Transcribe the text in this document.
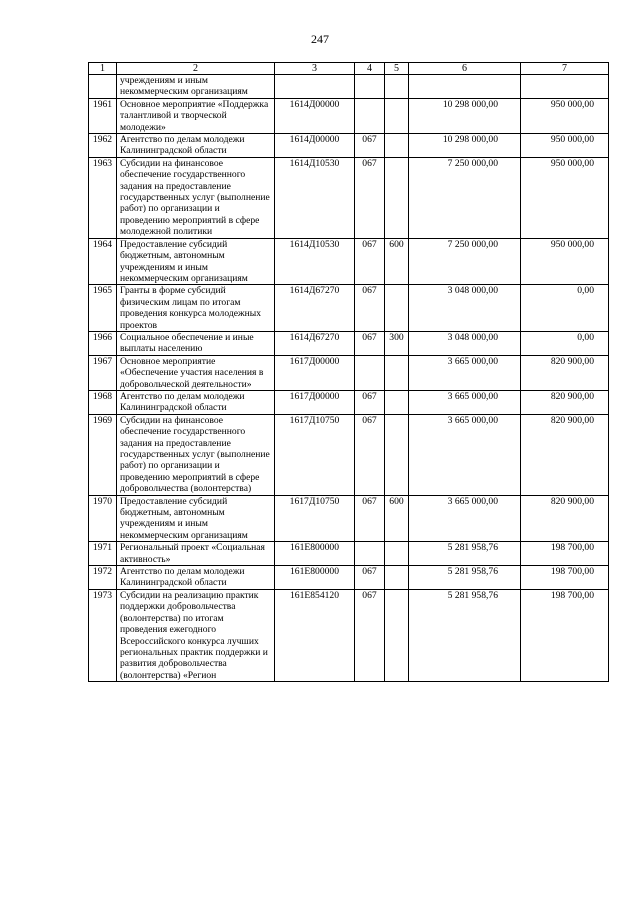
247
1	2	3	4	5	6	7
	учреждениям и иным некоммерческим организациям					
1961	Основное мероприятие «Поддержка талантливой и творческой молодежи»	1614Д00000			10 298 000,00	950 000,00
1962	Агентство по делам молодежи Калининградской области	1614Д00000	067		10 298 000,00	950 000,00
1963	Субсидии на финансовое обеспечение государственного задания на предоставление государственных услуг (выполнение работ) по организации и проведению мероприятий в сфере молодежной политики	1614Д10530	067		7 250 000,00	950 000,00
1964	Предоставление субсидий бюджетным, автономным учреждениям и иным некоммерческим организациям	1614Д10530	067	600	7 250 000,00	950 000,00
1965	Гранты в форме субсидий физическим лицам по итогам проведения конкурса молодежных проектов	1614Д67270	067		3 048 000,00	0,00
1966	Социальное обеспечение и иные выплаты населению	1614Д67270	067	300	3 048 000,00	0,00
1967	Основное мероприятие «Обеспечение участия населения в добровольческой деятельности»	1617Д00000			3 665 000,00	820 900,00
1968	Агентство по делам молодежи Калининградской области	1617Д00000	067		3 665 000,00	820 900,00
1969	Субсидии на финансовое обеспечение государственного задания на предоставление государственных услуг (выполнение работ) по организации и проведению мероприятий в сфере добровольчества (волонтерства)	1617Д10750	067		3 665 000,00	820 900,00
1970	Предоставление субсидий бюджетным, автономным учреждениям и иным некоммерческим организациям	1617Д10750	067	600	3 665 000,00	820 900,00
1971	Региональный проект «Социальная активность»	161E800000			5 281 958,76	198 700,00
1972	Агентство по делам молодежи Калининградской области	161E800000	067		5 281 958,76	198 700,00
1973	Субсидии на реализацию практик поддержки добровольчества (волонтерства) по итогам проведения ежегодного Всероссийского конкурса лучших региональных практик поддержки и развития добровольчества (волонтерства) «Регион	161E854120	067		5 281 958,76	198 700,00
